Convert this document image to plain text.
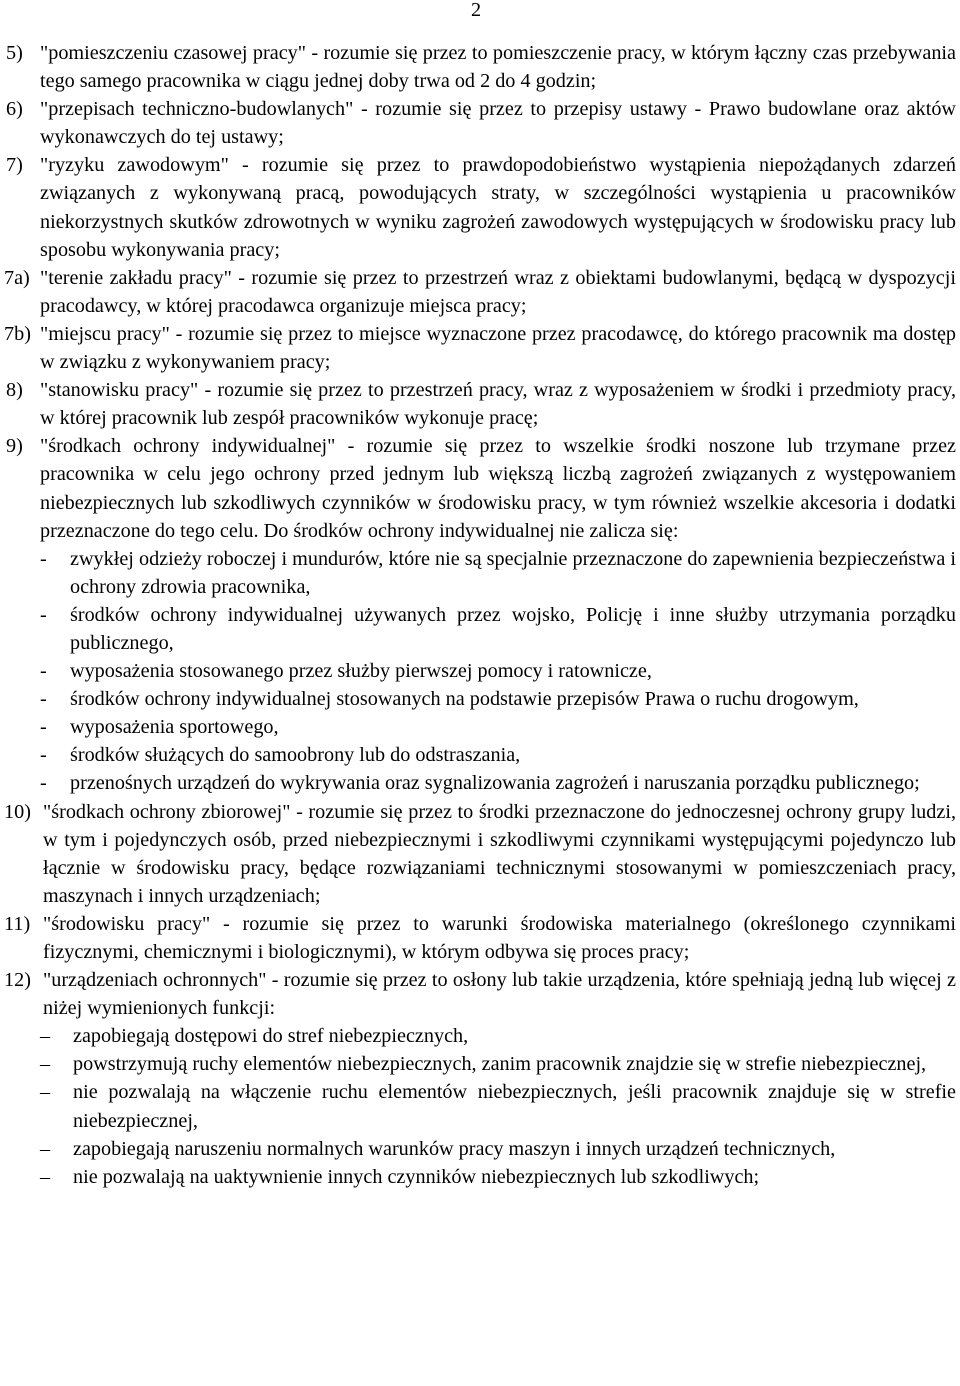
2
5) "pomieszczeniu czasowej pracy" - rozumie się przez to pomieszczenie pracy, w którym łączny czas przebywania tego samego pracownika w ciągu jednej doby trwa od 2 do 4 godzin;
6) "przepisach techniczno-budowlanych" - rozumie się przez to przepisy ustawy - Prawo budowlane oraz aktów wykonawczych do tej ustawy;
7) "ryzyku zawodowym" - rozumie się przez to prawdopodobieństwo wystąpienia niepożądanych zdarzeń związanych z wykonywaną pracą, powodujących straty, w szczególności wystąpienia u pracowników niekorzystnych skutków zdrowotnych w wyniku zagrożeń zawodowych występujących w środowisku pracy lub sposobu wykonywania pracy;
7a) "terenie zakładu pracy" - rozumie się przez to przestrzeń wraz z obiektami budowlanymi, będącą w dyspozycji pracodawcy, w której pracodawca organizuje miejsca pracy;
7b) "miejscu pracy" - rozumie się przez to miejsce wyznaczone przez pracodawcę, do którego pracownik ma dostęp w związku z wykonywaniem pracy;
8) "stanowisku pracy" - rozumie się przez to przestrzeń pracy, wraz z wyposażeniem w środki i przedmioty pracy, w której pracownik lub zespół pracowników wykonuje pracę;
9) "środkach ochrony indywidualnej" - rozumie się przez to wszelkie środki noszone lub trzymane przez pracownika w celu jego ochrony przed jednym lub większą liczbą zagrożeń związanych z występowaniem niebezpiecznych lub szkodliwych czynników w środowisku pracy, w tym również wszelkie akcesoria i dodatki przeznaczone do tego celu. Do środków ochrony indywidualnej nie zalicza się:
- zwykłej odzieży roboczej i mundurów, które nie są specjalnie przeznaczone do zapewnienia bezpieczeństwa i ochrony zdrowia pracownika,
- środków ochrony indywidualnej używanych przez wojsko, Policję i inne służby utrzymania porządku publicznego,
- wyposażenia stosowanego przez służby pierwszej pomocy i ratownicze,
- środków ochrony indywidualnej stosowanych na podstawie przepisów Prawa o ruchu drogowym,
- wyposażenia sportowego,
- środków służących do samoobrony lub do odstraszania,
- przenośnych urządzeń do wykrywania oraz sygnalizowania zagrożeń i naruszania porządku publicznego;
10) "środkach ochrony zbiorowej" - rozumie się przez to środki przeznaczone do jednoczesnej ochrony grupy ludzi, w tym i pojedynczych osób, przed niebezpiecznymi i szkodliwymi czynnikami występującymi pojedynczo lub łącznie w środowisku pracy, będące rozwiązaniami technicznymi stosowanymi w pomieszczeniach pracy, maszynach i innych urządzeniach;
11) "środowisku pracy" - rozumie się przez to warunki środowiska materialnego (określonego czynnikami fizycznymi, chemicznymi i biologicznymi), w którym odbywa się proces pracy;
12) "urządzeniach ochronnych" - rozumie się przez to osłony lub takie urządzenia, które spełniają jedną lub więcej z niżej wymienionych funkcji:
– zapobiegają dostępowi do stref niebezpiecznych,
– powstrzymują ruchy elementów niebezpiecznych, zanim pracownik znajdzie się w strefie niebezpiecznej,
– nie pozwalają na włączenie ruchu elementów niebezpiecznych, jeśli pracownik znajduje się w strefie niebezpiecznej,
– zapobiegają naruszeniu normalnych warunków pracy maszyn i innych urządzeń technicznych,
– nie pozwalają na uaktywnienie innych czynników niebezpiecznych lub szkodliwych;
